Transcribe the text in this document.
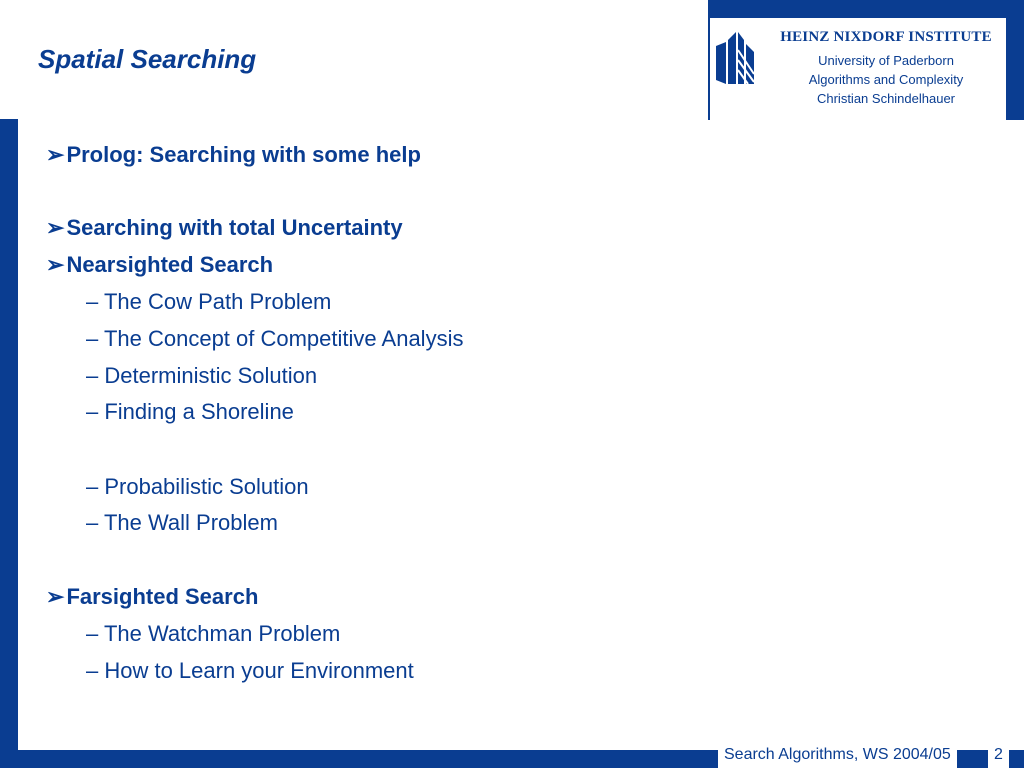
HEINZ NIXDORF INSTITUTE
University of Paderborn
Algorithms and Complexity
Christian Schindelhauer
Spatial Searching
➢Prolog: Searching with some help
➢Searching with total Uncertainty
➢Nearsighted Search
– The Cow Path Problem
– The Concept of Competitive Analysis
– Deterministic Solution
– Finding a Shoreline
– Probabilistic Solution
– The Wall Problem
➢Farsighted Search
– The Watchman Problem
– How to Learn your Environment
Search Algorithms, WS 2004/05	2
